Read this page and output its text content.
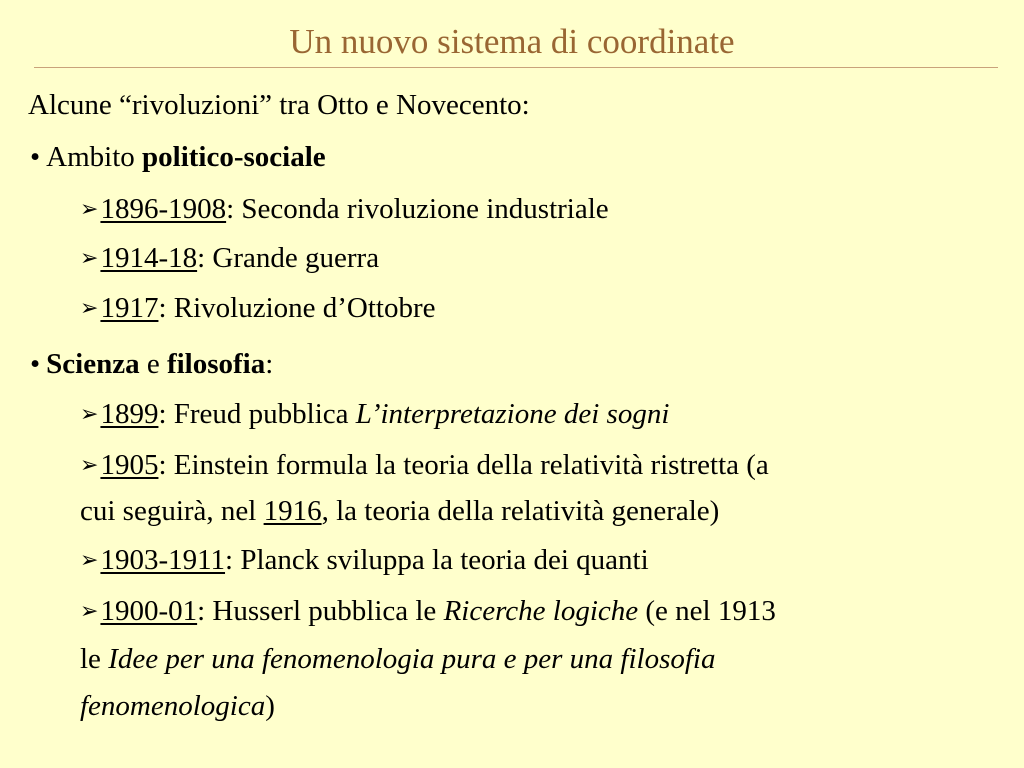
Un nuovo sistema di coordinate
Alcune “rivoluzioni” tra Otto e Novecento:
• Ambito politico-sociale
➢1896-1908: Seconda rivoluzione industriale
➢1914-18: Grande guerra
➢1917: Rivoluzione d’Ottobre
• Scienza e filosofia:
➢1899: Freud pubblica L’interpretazione dei sogni
➢1905: Einstein formula la teoria della relatività ristretta (a
cui seguirà, nel 1916, la teoria della relatività generale)
➢1903-1911: Planck sviluppa la teoria dei quanti
➢1900-01: Husserl pubblica le Ricerche logiche (e nel 1913
le Idee per una fenomenologia pura e per una filosofia
fenomenologica)
